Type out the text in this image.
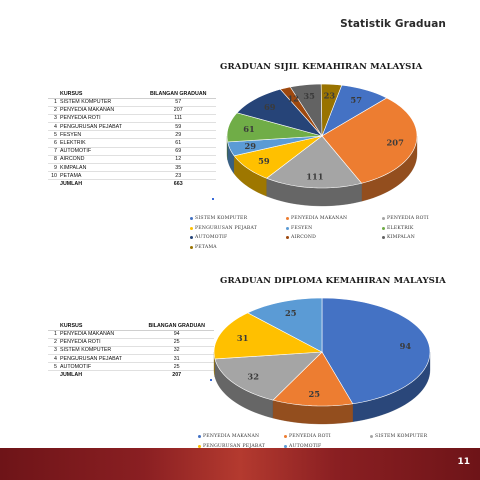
Statistik Graduan
GRADUAN SIJIL KEMAHIRAN MALAYSIA
	KURSUS	BILANGAN GRADUAN
1	SISTEM KOMPUTER	57
2	PENYEDIA MAKANAN	207
3	PENYEDIA ROTI	111
4	PENGURUSAN PEJABAT	59
5	FESYEN	29
6	ELEKTRIK	61
7	AUTOMOTIF	69
8	AIRCOND	12
9	KIMPALAN	35
10	PETAMA	23
	JUMLAH	663
57
207
111
59
29
61
69
12 35 23
SISTEM KOMPUTER	PENYEDIA MAKANAN	PENYEDIA ROTI
PENGURUSAN PEJABAT	FESYEN	ELEKTRIK
AUTOMOTIF	AIRCOND	KIMPALAN
PETAMA
GRADUAN DIPLOMA KEMAHIRAN MALAYSIA
	KURSUS	BILANGAN GRADUAN
1	PENYEDIA MAKANAN	94
2	PENYEDIA ROTI	25
3	SISTEM KOMPUTER	32
4	PENGURUSAN PEJABAT	31
5	AUTOMOTIF	25
	JUMLAH	207
94
25
32
31
25
PENYEDIA MAKANAN	PENYEDIA ROTI	SISTEM KOMPUTER
PENGURUSAN PEJABAT	AUTOMOTIF
11
